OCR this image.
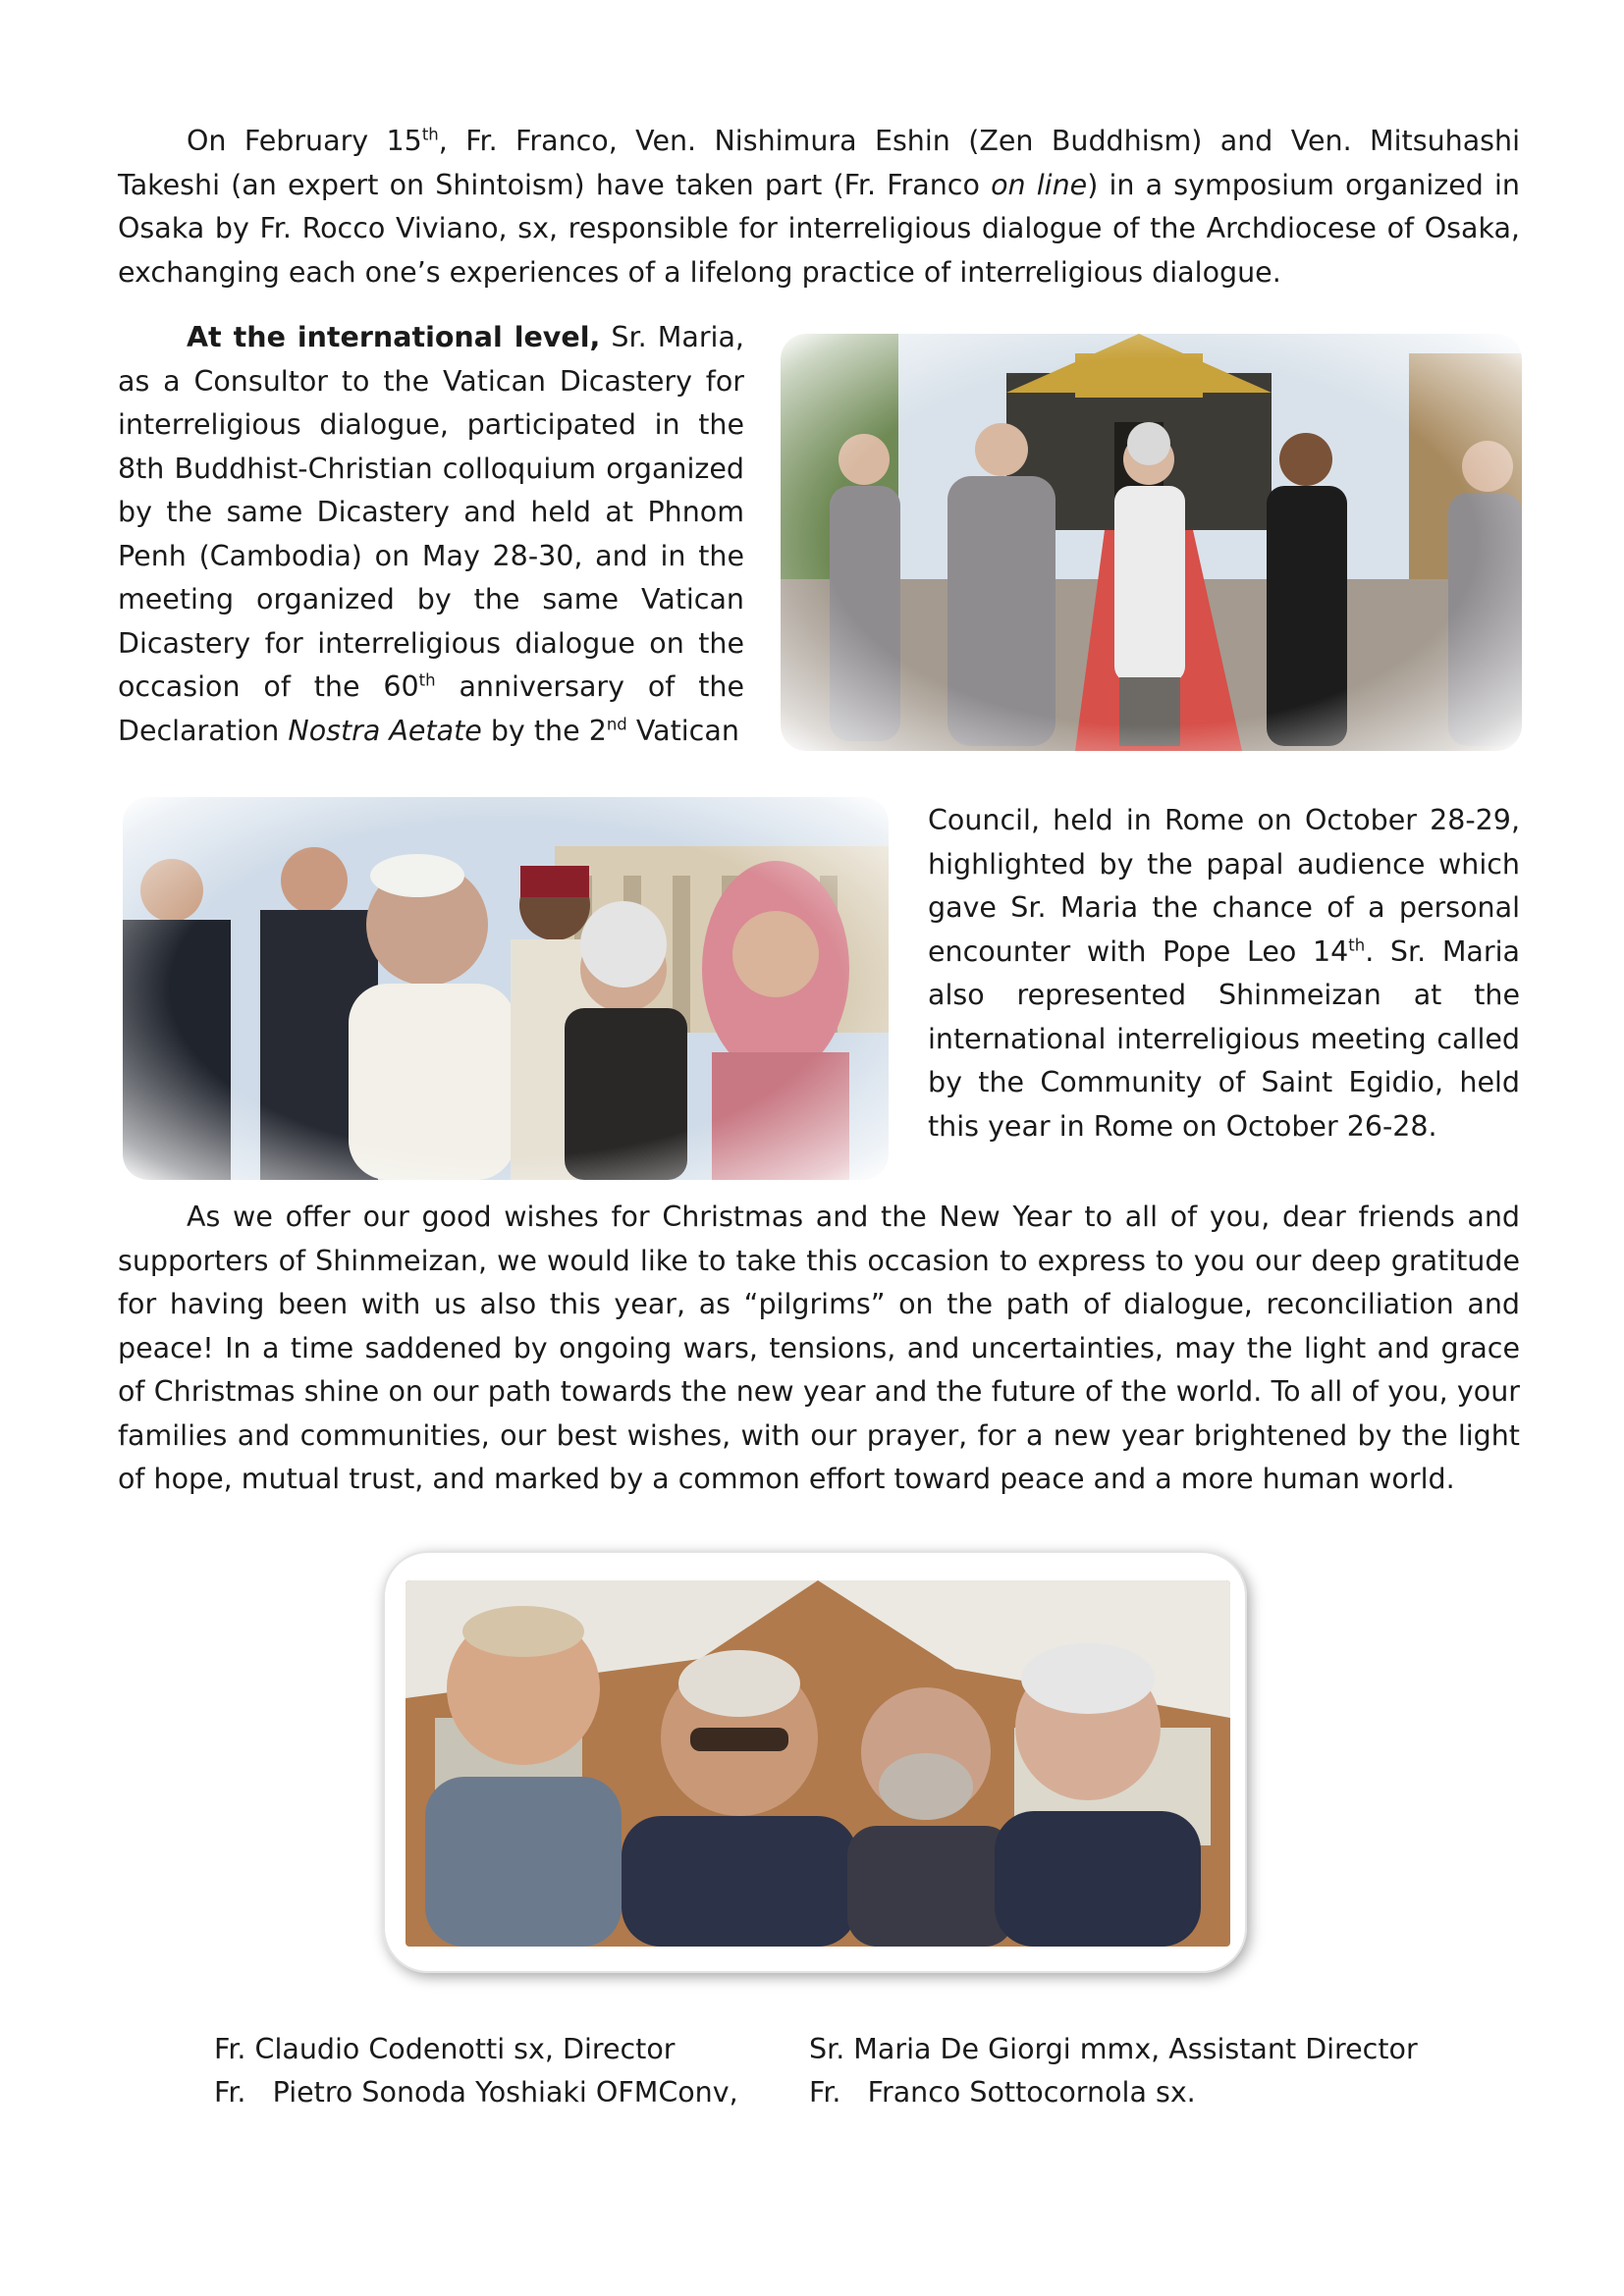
On February 15th, Fr. Franco, Ven. Nishimura Eshin (Zen Buddhism) and Ven. Mitsuhashi Takeshi (an expert on Shintoism) have taken part (Fr. Franco on line) in a symposium organized in Osaka by Fr. Rocco Viviano, sx, responsible for interreligious dialogue of the Archdiocese of Osaka, exchanging each one’s experiences of a lifelong practice of interreligious dialogue.

At the international level, Sr. Maria, as a Consultor to the Vatican Dicastery for interreligious dialogue, participated in the 8th Buddhist-Christian colloquium organized by the same Dicastery and held at Phnom Penh (Cambodia) on May 28-30, and in the meeting organized by the same Vatican Dicastery for interreligious dialogue on the occasion of the 60th anniversary of the Declaration Nostra Aetate by the 2nd Vatican

Council, held in Rome on October 28-29, highlighted by the papal audience which gave Sr. Maria the chance of a personal encounter with Pope Leo 14th. Sr. Maria also represented Shinmeizan at the international interreligious meeting called by the Community of Saint Egidio, held this year in Rome on October 26-28.

As we offer our good wishes for Christmas and the New Year to all of you, dear friends and supporters of Shinmeizan, we would like to take this occasion to express to you our deep gratitude for having been with us also this year, as “pilgrims” on the path of dialogue, reconciliation and peace! In a time saddened by ongoing wars, tensions, and uncertainties, may the light and grace of Christmas shine on our path towards the new year and the future of the world. To all of you, your families and communities, our best wishes, with our prayer, for a new year brightened by the light of hope, mutual trust, and marked by a common effort toward peace and a more human world.

Fr. Claudio Codenotti sx, Director	Sr. Maria De Giorgi mmx, Assistant Director
Fr.   Pietro Sonoda Yoshiaki OFMConv,	Fr.   Franco Sottocornola sx.
